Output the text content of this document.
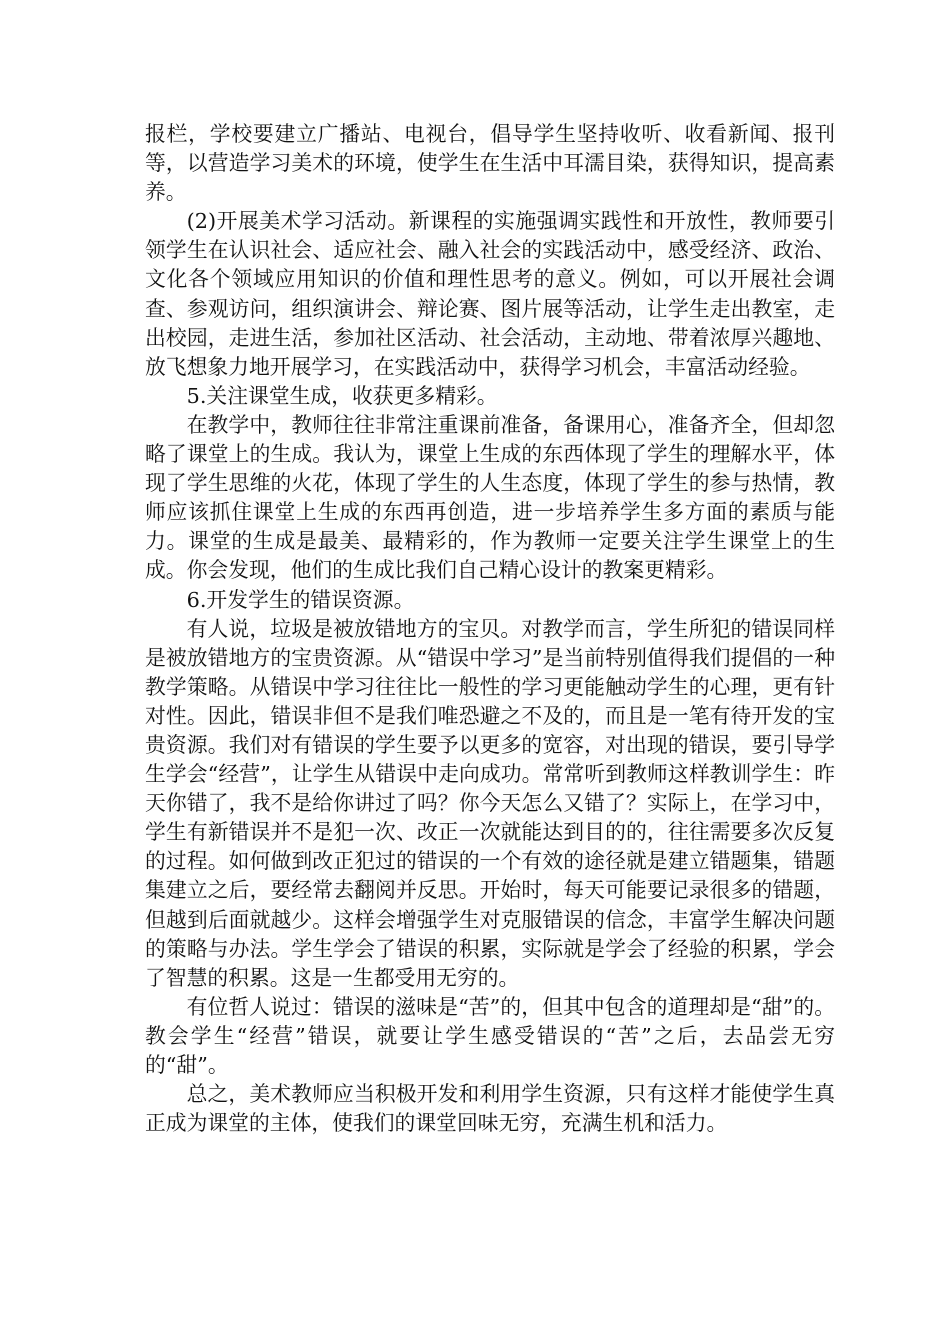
报栏，学校要建立广播站、电视台，倡导学生坚持收听、收看新闻、报刊等，以营造学习美术的环境，使学生在生活中耳濡目染，获得知识，提高素养。

(2)开展美术学习活动。新课程的实施强调实践性和开放性，教师要引领学生在认识社会、适应社会、融入社会的实践活动中，感受经济、政治、文化各个领域应用知识的价值和理性思考的意义。例如，可以开展社会调查、参观访问，组织演讲会、辩论赛、图片展等活动，让学生走出教室，走出校园，走进生活，参加社区活动、社会活动，主动地、带着浓厚兴趣地、放飞想象力地开展学习，在实践活动中，获得学习机会，丰富活动经验。

5.关注课堂生成，收获更多精彩。

在教学中，教师往往非常注重课前准备，备课用心，准备齐全，但却忽略了课堂上的生成。我认为，课堂上生成的东西体现了学生的理解水平，体现了学生思维的火花，体现了学生的人生态度，体现了学生的参与热情，教师应该抓住课堂上生成的东西再创造，进一步培养学生多方面的素质与能力。课堂的生成是最美、最精彩的，作为教师一定要关注学生课堂上的生成。你会发现，他们的生成比我们自己精心设计的教案更精彩。

6.开发学生的错误资源。

有人说，垃圾是被放错地方的宝贝。对教学而言，学生所犯的错误同样是被放错地方的宝贵资源。从“错误中学习”是当前特别值得我们提倡的一种教学策略。从错误中学习往往比一般性的学习更能触动学生的心理，更有针对性。因此，错误非但不是我们唯恐避之不及的，而且是一笔有待开发的宝贵资源。我们对有错误的学生要予以更多的宽容，对出现的错误，要引导学生学会“经营”，让学生从错误中走向成功。常常听到教师这样教训学生：昨天你错了，我不是给你讲过了吗？你今天怎么又错了？实际上，在学习中，学生有新错误并不是犯一次、改正一次就能达到目的的，往往需要多次反复的过程。如何做到改正犯过的错误的一个有效的途径就是建立错题集，错题集建立之后，要经常去翻阅并反思。开始时，每天可能要记录很多的错题，但越到后面就越少。这样会增强学生对克服错误的信念，丰富学生解决问题的策略与办法。学生学会了错误的积累，实际就是学会了经验的积累，学会了智慧的积累。这是一生都受用无穷的。

有位哲人说过：错误的滋味是“苦”的，但其中包含的道理却是“甜”的。教会学生“经营”错误，就要让学生感受错误的“苦”之后，去品尝无穷的“甜”。

总之，美术教师应当积极开发和利用学生资源，只有这样才能使学生真正成为课堂的主体，使我们的课堂回味无穷，充满生机和活力。
